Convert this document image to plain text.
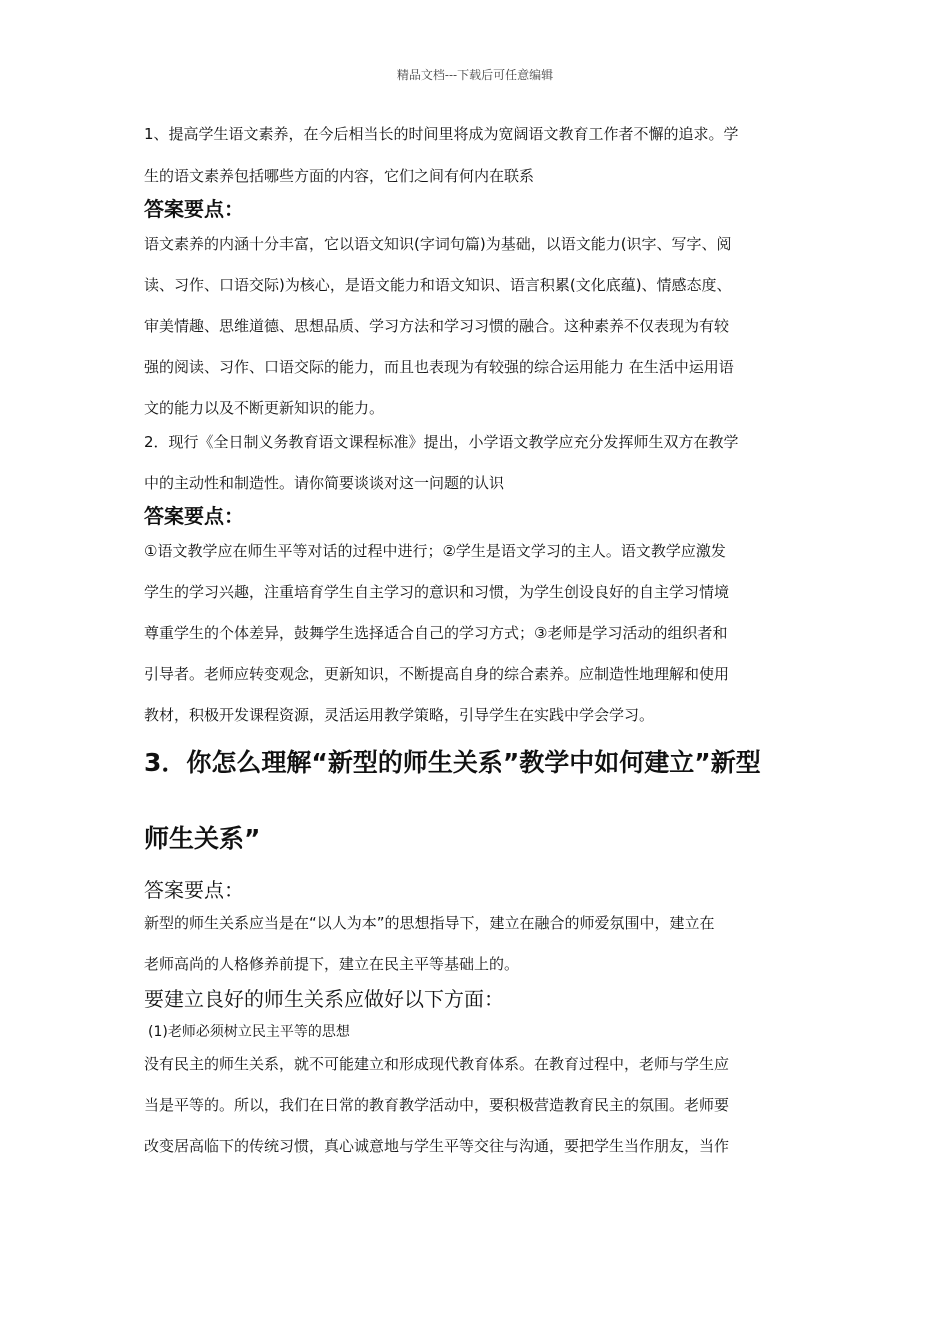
精品文档---下载后可任意编辑
1、提高学生语文素养，在今后相当长的时间里将成为宽阔语文教育工作者不懈的追求。学
生的语文素养包括哪些方面的内容，它们之间有何内在联系
答案要点：
语文素养的内涵十分丰富，它以语文知识(字词句篇)为基础，以语文能力(识字、写字、阅
读、习作、口语交际)为核心，是语文能力和语文知识、语言积累(文化底蕴)、情感态度、
审美情趣、思维道德、思想品质、学习方法和学习习惯的融合。这种素养不仅表现为有较
强的阅读、习作、口语交际的能力，而且也表现为有较强的综合运用能力 在生活中运用语
文的能力以及不断更新知识的能力。
2．现行《全日制义务教育语文课程标准》提出，小学语文教学应充分发挥师生双方在教学
中的主动性和制造性。请你简要谈谈对这一问题的认识
答案要点：
①语文教学应在师生平等对话的过程中进行；②学生是语文学习的主人。语文教学应激发
学生的学习兴趣，注重培育学生自主学习的意识和习惯，为学生创设良好的自主学习情境
尊重学生的个体差异，鼓舞学生选择适合自己的学习方式；③老师是学习活动的组织者和
引导者。老师应转变观念，更新知识，不断提高自身的综合素养。应制造性地理解和使用
教材，积极开发课程资源，灵活运用教学策略，引导学生在实践中学会学习。
3．你怎么理解“新型的师生关系”教学中如何建立”新型
师生关系”
答案要点：
新型的师生关系应当是在“以人为本”的思想指导下，建立在融合的师爱氛围中，建立在
老师高尚的人格修养前提下，建立在民主平等基础上的。
要建立良好的师生关系应做好以下方面：
(1)老师必须树立民主平等的思想
没有民主的师生关系，就不可能建立和形成现代教育体系。在教育过程中，老师与学生应
当是平等的。所以，我们在日常的教育教学活动中，要积极营造教育民主的氛围。老师要
改变居高临下的传统习惯，真心诚意地与学生平等交往与沟通，要把学生当作朋友，当作
